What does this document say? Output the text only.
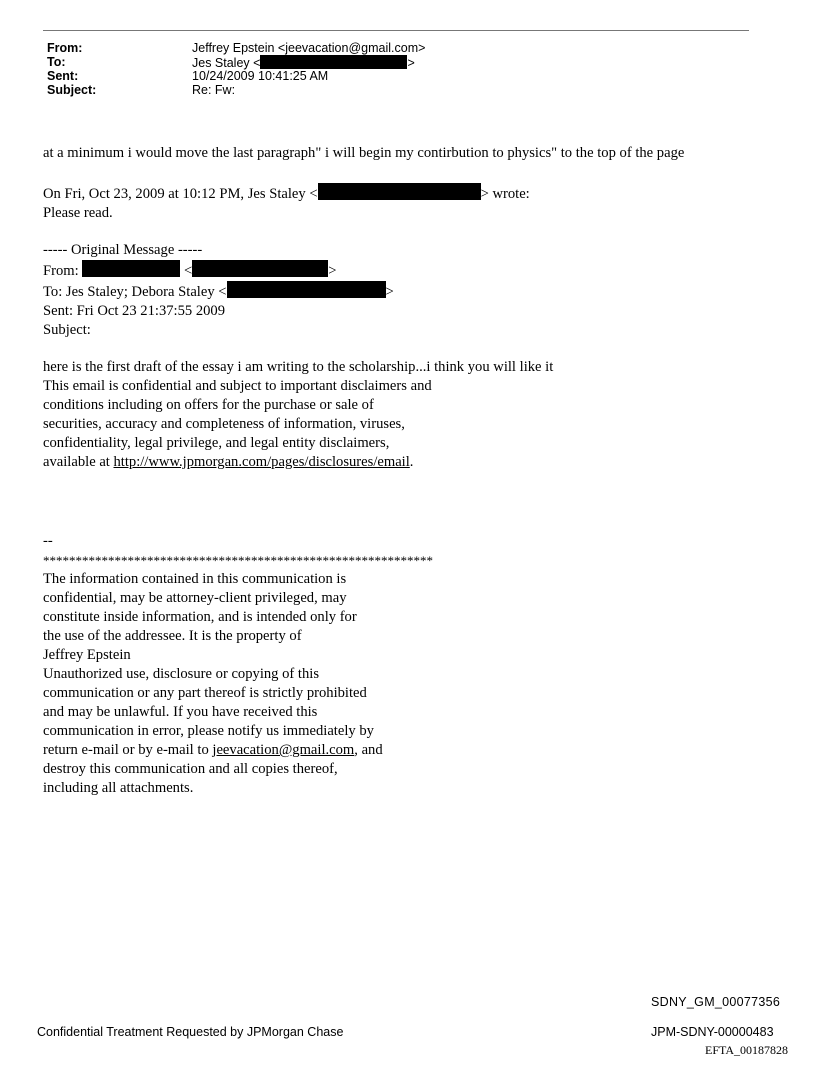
From:	Jeffrey Epstein <jeevacation@gmail.com>
To:	Jes Staley <	>
Sent:	10/24/2009 10:41:25 AM
Subject:	Re: Fw:
at a minimum i would move the last paragraph" i will begin my contirbution to physics" to the top of the page
On Fri, Oct 23, 2009 at 10:12 PM, Jes Staley <	> wrote:
Please read.
----- Original Message -----
From:	<	>
To: Jes Staley; Debora Staley <	>
Sent: Fri Oct 23 21:37:55 2009
Subject:
here is the first draft of the essay i am writing to the scholarship...i think you will like it
This email is confidential and subject to important disclaimers and
conditions including on offers for the purchase or sale of
securities, accuracy and completeness of information, viruses,
confidentiality, legal privilege, and legal entity disclaimers,
available at http://www.jpmorgan.com/pages/disclosures/email.
--
************************************************************
The information contained in this communication is
confidential, may be attorney-client privileged, may
constitute inside information, and is intended only for
the use of the addressee. It is the property of
Jeffrey Epstein
Unauthorized use, disclosure or copying of this
communication or any part thereof is strictly prohibited
and may be unlawful. If you have received this
communication in error, please notify us immediately by
return e-mail or by e-mail to jeevacation@gmail.com, and
destroy this communication and all copies thereof,
including all attachments.
SDNY_GM_00077356
Confidential Treatment Requested by JPMorgan Chase	JPM-SDNY-00000483
EFTA_00187828
